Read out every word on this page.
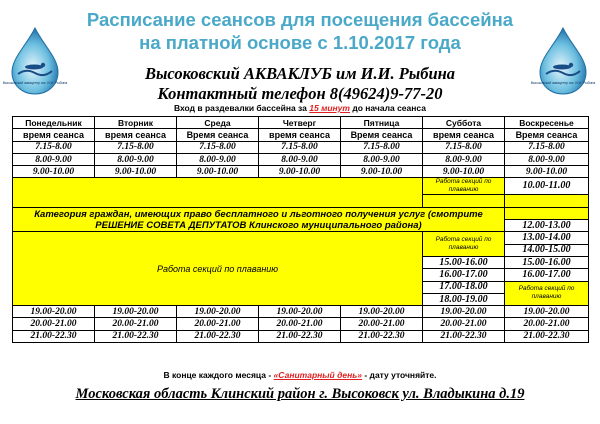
Расписание сеансов для посещения бассейна
на платной основе с 1.10.2017 года
Высоковский аквацентр им. И.И. Рыбина	Высоковский аквацентр им. И.И. Рыбина
Высоковский АКВАКЛУБ им И.И. Рыбина
Контактный телефон 8(49624)9-77-20
Вход в раздевалки бассейна за 15 минут до начала сеанса
Понедельник	Вторник	Среда	Четверг	Пятница	Суббота	Воскресенье
время сеанса	время сеанса	Время сеанса	время сеанса	Время сеанса	время сеанса	Время сеанса
7.15-8.00	7.15-8.00	7.15-8.00	7.15-8.00	7.15-8.00	7.15-8.00	7.15-8.00
8.00-9.00	8.00-9.00	8.00-9.00	8.00-9.00	8.00-9.00	8.00-9.00	8.00-9.00
9.00-10.00	9.00-10.00	9.00-10.00	9.00-10.00	9.00-10.00	9.00-10.00	9.00-10.00
					Работа секций по плаванию	10.00-11.00

Категория граждан, имеющих право бесплатного и льготного получения услуг (смотрите РЕШЕНИЕ СОВЕТА ДЕПУТАТОВ Клинского муниципального района)						
						12.00-13.00
Работа секций по плаванию					Работа секций по плаванию	13.00-14.00
						14.00-15.00
					15.00-16.00	15.00-16.00
					16.00-17.00	16.00-17.00
					17.00-18.00	Работа секций по плаванию
					18.00-19.00	
19.00-20.00	19.00-20.00	19.00-20.00	19.00-20.00	19.00-20.00	19.00-20.00	19.00-20.00
20.00-21.00	20.00-21.00	20.00-21.00	20.00-21.00	20.00-21.00	20.00-21.00	20.00-21.00
21.00-22.30	21.00-22.30	21.00-22.30	21.00-22.30	21.00-22.30	21.00-22.30	21.00-22.30
В конце каждого месяца - «Санитарный день» - дату уточняйте.
Московская область Клинский район г. Высоковск ул. Владыкина д.19
